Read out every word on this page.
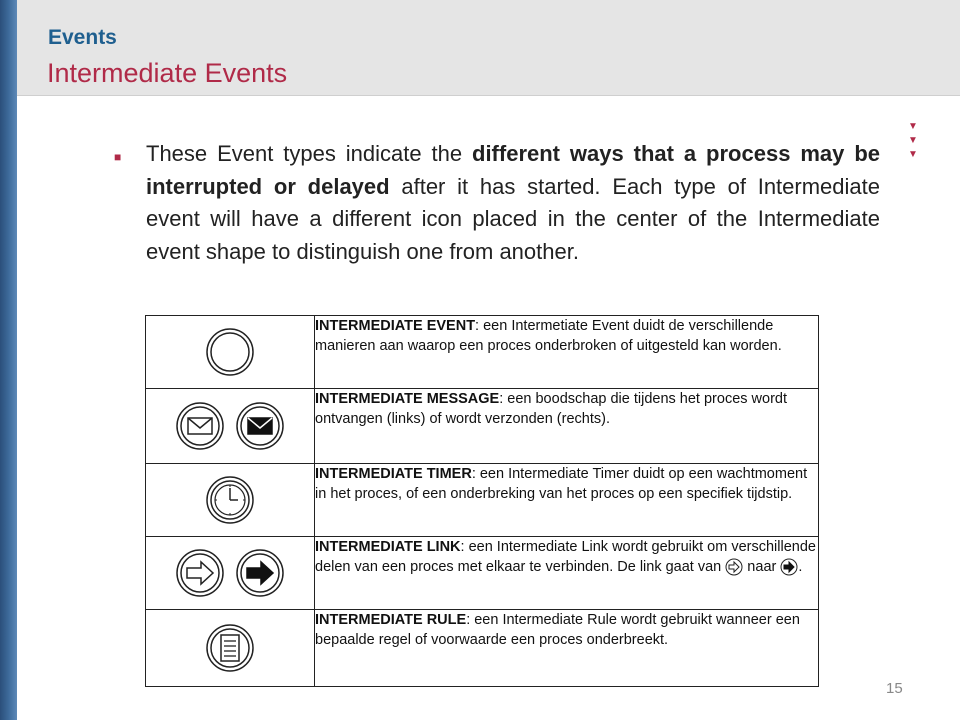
Events
Intermediate Events
▼
▼
▼
■ These Event types indicate the different ways that a process may be interrupted or delayed after it has started. Each type of Intermediate event will have a different icon placed in the center of the Intermediate event shape to distinguish one from another.
	INTERMEDIATE EVENT: een Intermetiate Event duidt de verschillende manieren aan waarop een proces onderbroken of uitgesteld kan worden.

	INTERMEDIATE MESSAGE: een boodschap die tijdens het proces wordt ontvangen (links) of wordt verzonden (rechts).

	INTERMEDIATE TIMER: een Intermediate Timer duidt op een wachtmoment in het proces, of een onderbreking van het proces op een specifiek tijdstip.

	INTERMEDIATE LINK: een Intermediate Link wordt gebruikt om verschillende delen van een proces met elkaar te verbinden. De link gaat van  naar .

	INTERMEDIATE RULE: een Intermediate Rule wordt gebruikt wanneer een bepaalde regel of voorwaarde een proces onderbreekt.
15
